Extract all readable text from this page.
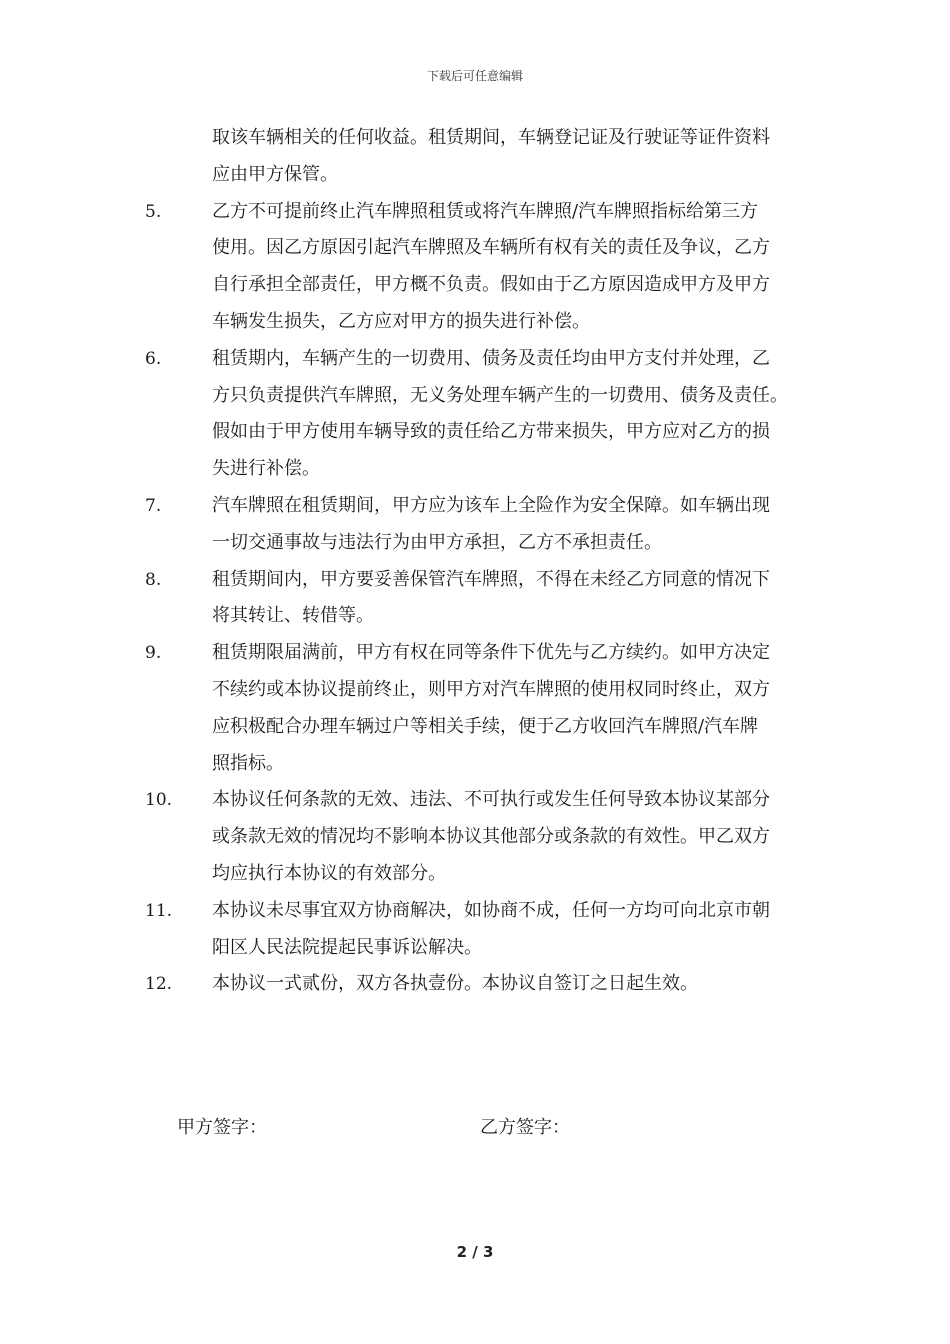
下载后可任意编辑
取该车辆相关的任何收益。租赁期间，车辆登记证及行驶证等证件资料
应由甲方保管。
5.	乙方不可提前终止汽车牌照租赁或将汽车牌照/汽车牌照指标给第三方
使用。因乙方原因引起汽车牌照及车辆所有权有关的责任及争议，乙方
自行承担全部责任，甲方概不负责。假如由于乙方原因造成甲方及甲方
车辆发生损失，乙方应对甲方的损失进行补偿。
6.	租赁期内，车辆产生的一切费用、债务及责任均由甲方支付并处理，乙
方只负责提供汽车牌照，无义务处理车辆产生的一切费用、债务及责任。
假如由于甲方使用车辆导致的责任给乙方带来损失，甲方应对乙方的损
失进行补偿。
7.	汽车牌照在租赁期间，甲方应为该车上全险作为安全保障。如车辆出现
一切交通事故与违法行为由甲方承担，乙方不承担责任。
8.	租赁期间内，甲方要妥善保管汽车牌照，不得在未经乙方同意的情况下
将其转让、转借等。
9.	租赁期限届满前，甲方有权在同等条件下优先与乙方续约。如甲方决定
不续约或本协议提前终止，则甲方对汽车牌照的使用权同时终止，双方
应积极配合办理车辆过户等相关手续，便于乙方收回汽车牌照/汽车牌
照指标。
10. 本协议任何条款的无效、违法、不可执行或发生任何导致本协议某部分
或条款无效的情况均不影响本协议其他部分或条款的有效性。甲乙双方
均应执行本协议的有效部分。
11. 本协议未尽事宜双方协商解决，如协商不成，任何一方均可向北京市朝
阳区人民法院提起民事诉讼解决。
12. 本协议一式贰份，双方各执壹份。本协议自签订之日起生效。
甲方签字：	乙方签字：
2 / 3
